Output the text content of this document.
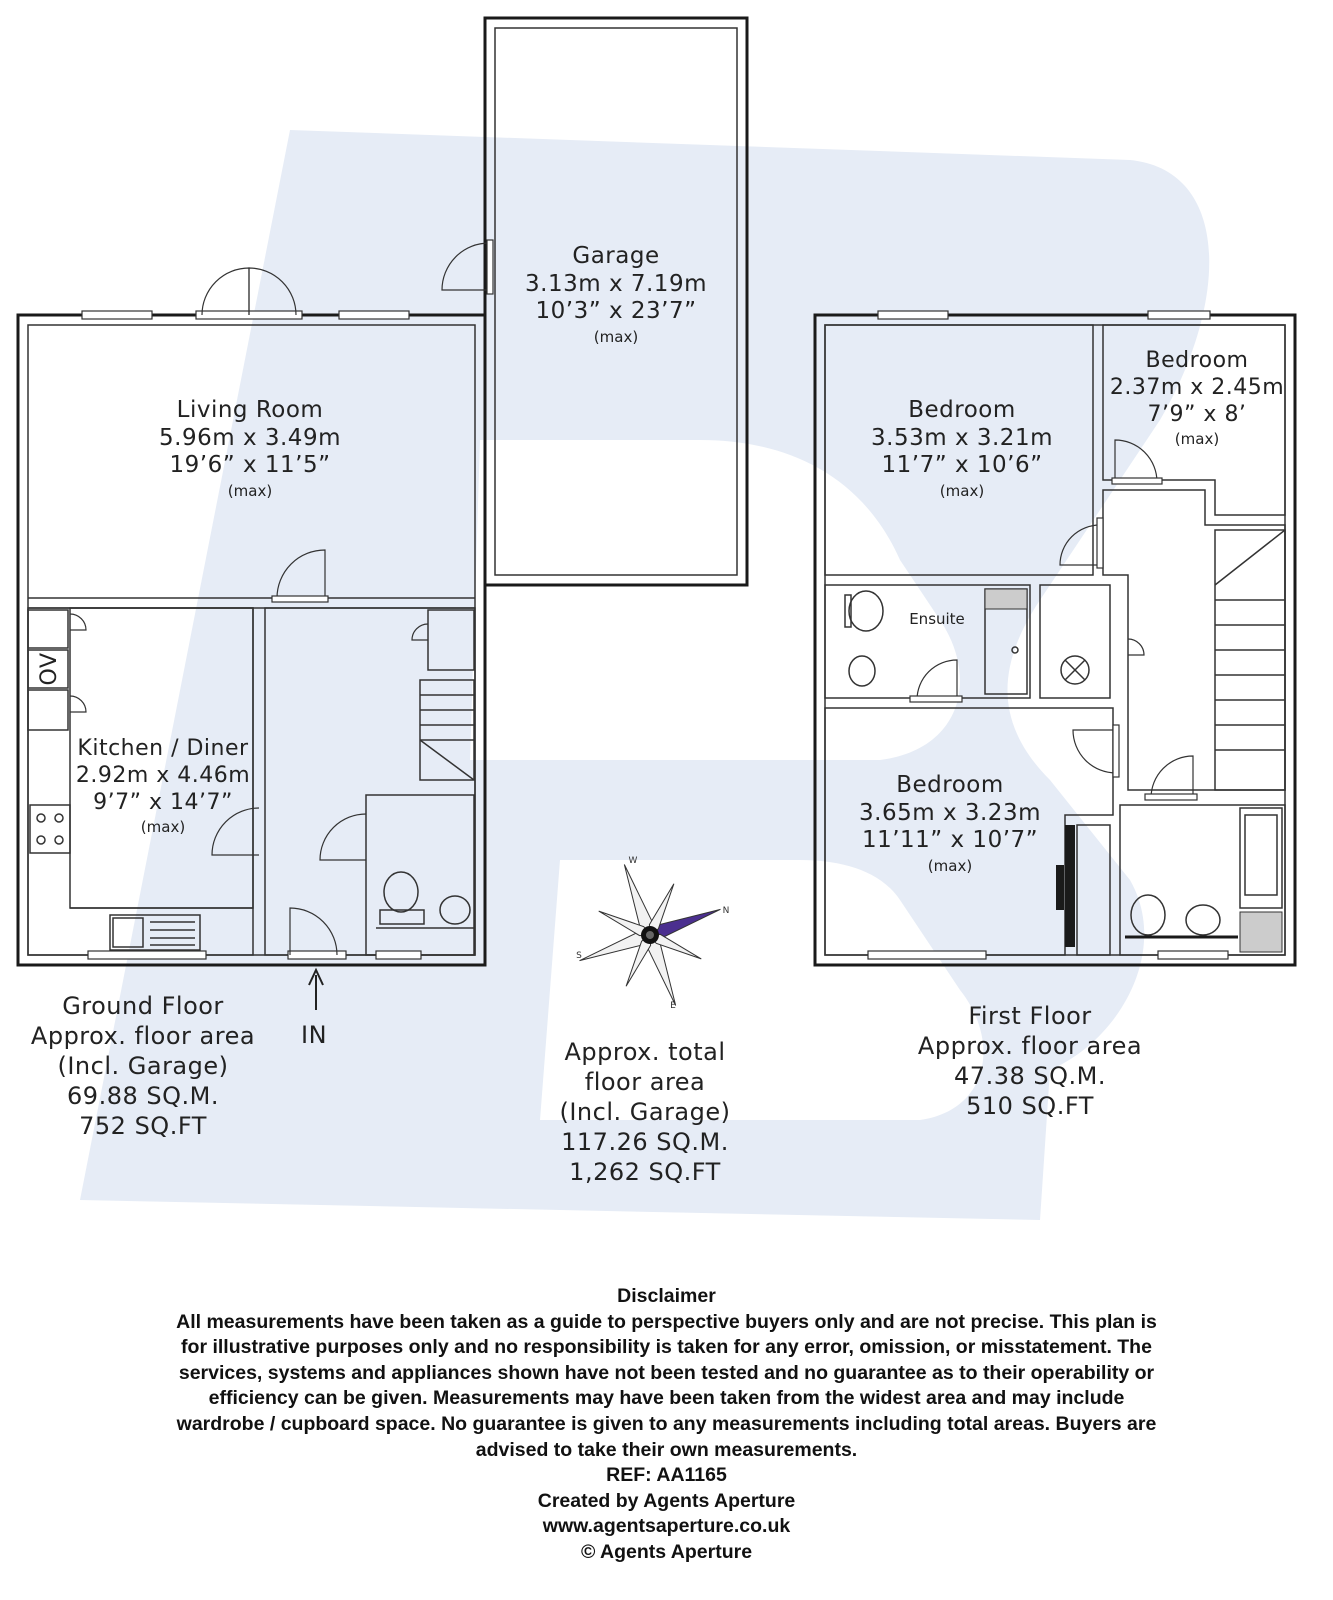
N
E
S
W
Garage
3.13m x 7.19m
10’3” x 23’7”
(max)
Living Room
5.96m x 3.49m
19’6” x 11’5”
(max)
Kitchen / Diner
2.92m x 4.46m
9’7” x 14’7”
(max)
OV
Bedroom
3.53m x 3.21m
11’7” x 10’6”
(max)
Bedroom
2.37m x 2.45m
7’9” x 8’
(max)
Ensuite
Bedroom
3.65m x 3.23m
11’11” x 10’7”
(max)
IN
Ground Floor
Approx. floor area
(Incl. Garage)
69.88 SQ.M.
752 SQ.FT
Approx. total
floor area
(Incl. Garage)
117.26 SQ.M.
1,262 SQ.FT
First Floor
Approx. floor area
47.38 SQ.M.
510 SQ.FT
Disclaimer
All measurements have been taken as a guide to perspective buyers only and are not precise. This plan is
for illustrative purposes only and no responsibility is taken for any error, omission, or misstatement. The
services, systems and appliances shown have not been tested and no guarantee as to their operability or
efficiency can be given. Measurements may have been taken from the widest area and may include
wardrobe / cupboard space. No guarantee is given to any measurements including total areas. Buyers are
advised to take their own measurements.
REF: AA1165
Created by Agents Aperture
www.agentsaperture.co.uk
© Agents Aperture
